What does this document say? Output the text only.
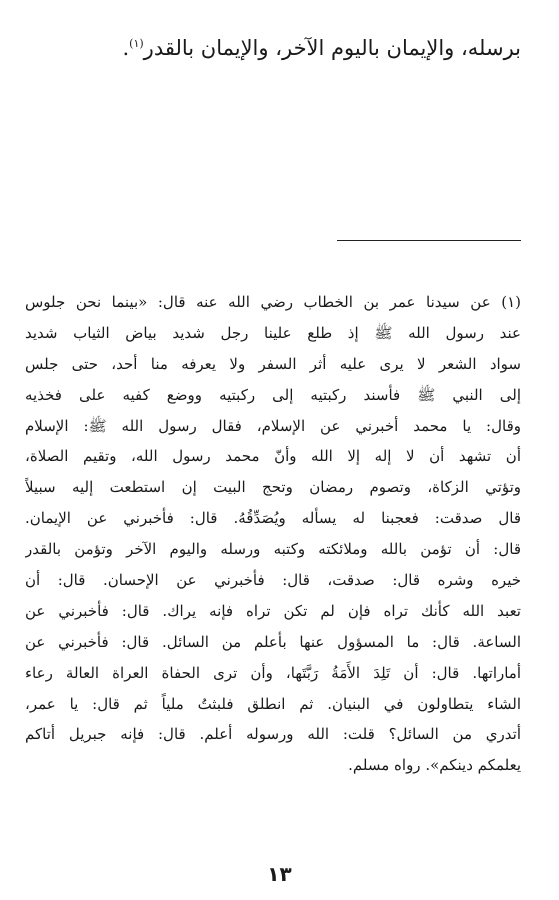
برسله، والإيمان باليوم الآخر، والإيمان بالقدر$^{(١)}$.
(١) عن سيدنا عمر بن الخطاب رضي الله عنه قال: «بينما نحن جلوس
عند رسول الله ﷺ إذ طلع علينا رجل شديد بياض الثياب شديد
سواد الشعر لا يرى عليه أثر السفر ولا يعرفه منا أحد، حتى جلس
إلى النبي ﷺ فأسند ركبتيه إلى ركبتيه ووضع كفيه على فخذيه
وقال: يا محمد أخبرني عن الإسلام، فقال رسول الله ﷺ: الإسلام
أن تشهد أن لا إله إلا الله وأنّ محمد رسول الله، وتقيم الصلاة،
وتؤتي الزكاة، وتصوم رمضان وتحج البيت إن استطعت إليه سبيلاً
قال صدقت: فعجبنا له يسأله ويُصَدِّقُهُ. قال: فأخبرني عن الإيمان.
قال: أن تؤمن بالله وملائكته وكتبه ورسله واليوم الآخر وتؤمن بالقدر
خيره وشره قال: صدقت، قال: فأخبرني عن الإحسان. قال: أن
تعبد الله كأنك تراه فإن لم تكن تراه فإنه يراك. قال: فأخبرني عن
الساعة. قال: ما المسؤول عنها بأعلم من السائل. قال: فأخبرني عن
أماراتها. قال: أن تَلِدَ الأَمَةُ رَبَّتَها، وأن ترى الحفاة العراة العالة رعاء
الشاء يتطاولون في البنيان. ثم انطلق فلبثتُ ملياً ثم قال: يا عمر،
أتدري من السائل؟ قلت: الله ورسوله أعلم. قال: فإنه جبريل أتاكم
يعلمكم دينكم». رواه مسلم.
١٣
